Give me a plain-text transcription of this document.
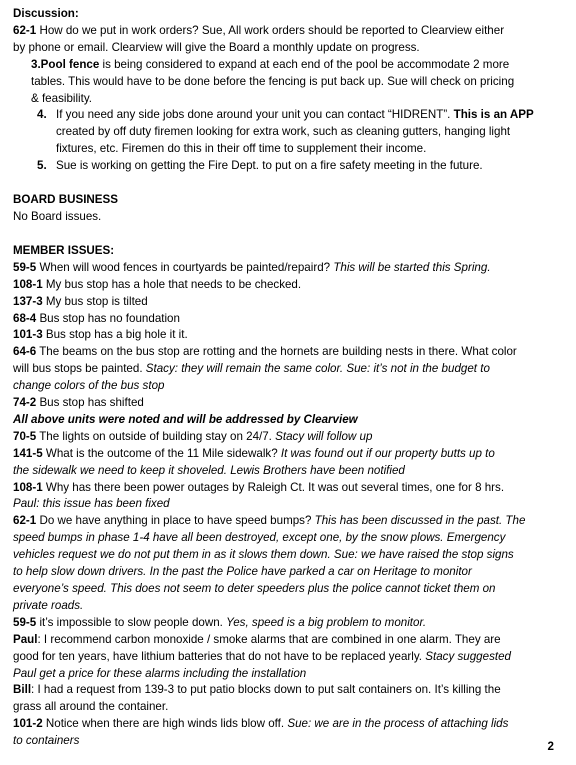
Discussion:
62-1 How do we put in work orders? Sue, All work orders should be reported to Clearview either
by phone or email. Clearview will give the Board a monthly update on progress.
3.Pool fence is being considered to expand at each end of the pool be accommodate 2 more
tables. This would have to be done before the fencing is put back up. Sue will check on pricing
& feasibility.
4. If you need any side jobs done around your unit you can contact “HIDRENT”. This is an APP
created by off duty firemen looking for extra work, such as cleaning gutters, hanging light
fixtures, etc. Firemen do this in their off time to supplement their income.
5. Sue is working on getting the Fire Dept. to put on a fire safety meeting in the future.
BOARD BUSINESS
No Board issues.
MEMBER ISSUES:
59-5 When will wood fences in courtyards be painted/repaird? This will be started this Spring.
108-1 My bus stop has a hole that needs to be checked.
137-3 My bus stop is tilted
68-4 Bus stop has no foundation
101-3 Bus stop has a big hole it it.
64-6 The beams on the bus stop are rotting and the hornets are building nests in there. What color
will bus stops be painted. Stacy: they will remain the same color. Sue: it’s not in the budget to
change colors of the bus stop
74-2 Bus stop has shifted
All above units were noted and will be addressed by Clearview
70-5 The lights on outside of building stay on 24/7. Stacy will follow up
141-5 What is the outcome of the 11 Mile sidewalk? It was found out if our property butts up to
the sidewalk we need to keep it shoveled. Lewis Brothers have been notified
108-1 Why has there been power outages by Raleigh Ct. It was out several times, one for 8 hrs.
Paul: this issue has been fixed
62-1 Do we have anything in place to have speed bumps? This has been discussed in the past. The
speed bumps in phase 1-4 have all been destroyed, except one, by the snow plows. Emergency
vehicles request we do not put them in as it slows them down. Sue: we have raised the stop signs
to help slow down drivers. In the past the Police have parked a car on Heritage to monitor
everyone’s speed. This does not seem to deter speeders plus the police cannot ticket them on
private roads.
59-5 it’s impossible to slow people down. Yes, speed is a big problem to monitor.
Paul: I recommend carbon monoxide / smoke alarms that are combined in one alarm. They are
good for ten years, have lithium batteries that do not have to be replaced yearly. Stacy suggested
Paul get a price for these alarms including the installation
Bill: I had a request from 139-3 to put patio blocks down to put salt containers on. It’s killing the
grass all around the container.
101-2 Notice when there are high winds lids blow off. Sue: we are in the process of attaching lids
to containers	2
